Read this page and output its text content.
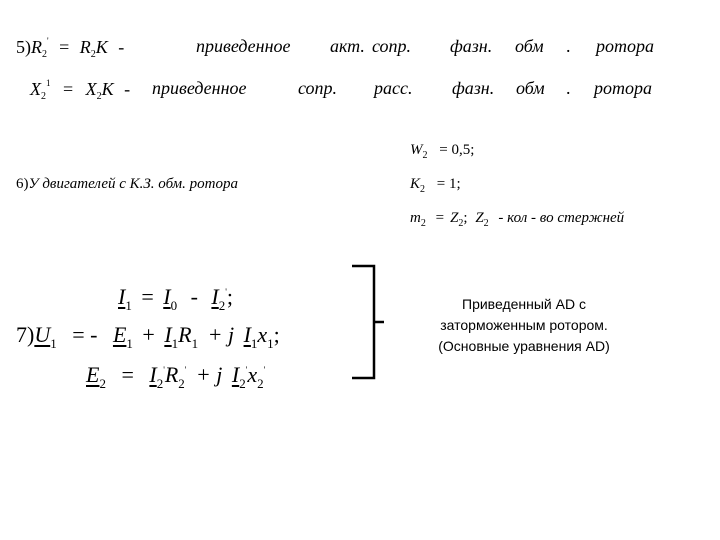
$5)R_2' = R_2K$ -	приведенное акт. сопр. фазн. обм . ротора
$X_2^1 = X_2K$ -	приведенное	сопр. расс. фазн. обм . ротора
6)У двигателей с К.З. обм. ротора
$W_2 = 0,5$;
$K_2 = 1$;
$m_2 = Z_2$; $Z_2$ - кол - во стержней
$I_1 = I_0 - I_2'$;
$7)U_1$ = - $E_1 + I_1R_1 + j$ $I_1x_1$;
$E_2 = I_2'R_2' + j$ $I_2'x_2'$
Приведенный AD с
заторможенным ротором.
(Основные уравнения AD)
